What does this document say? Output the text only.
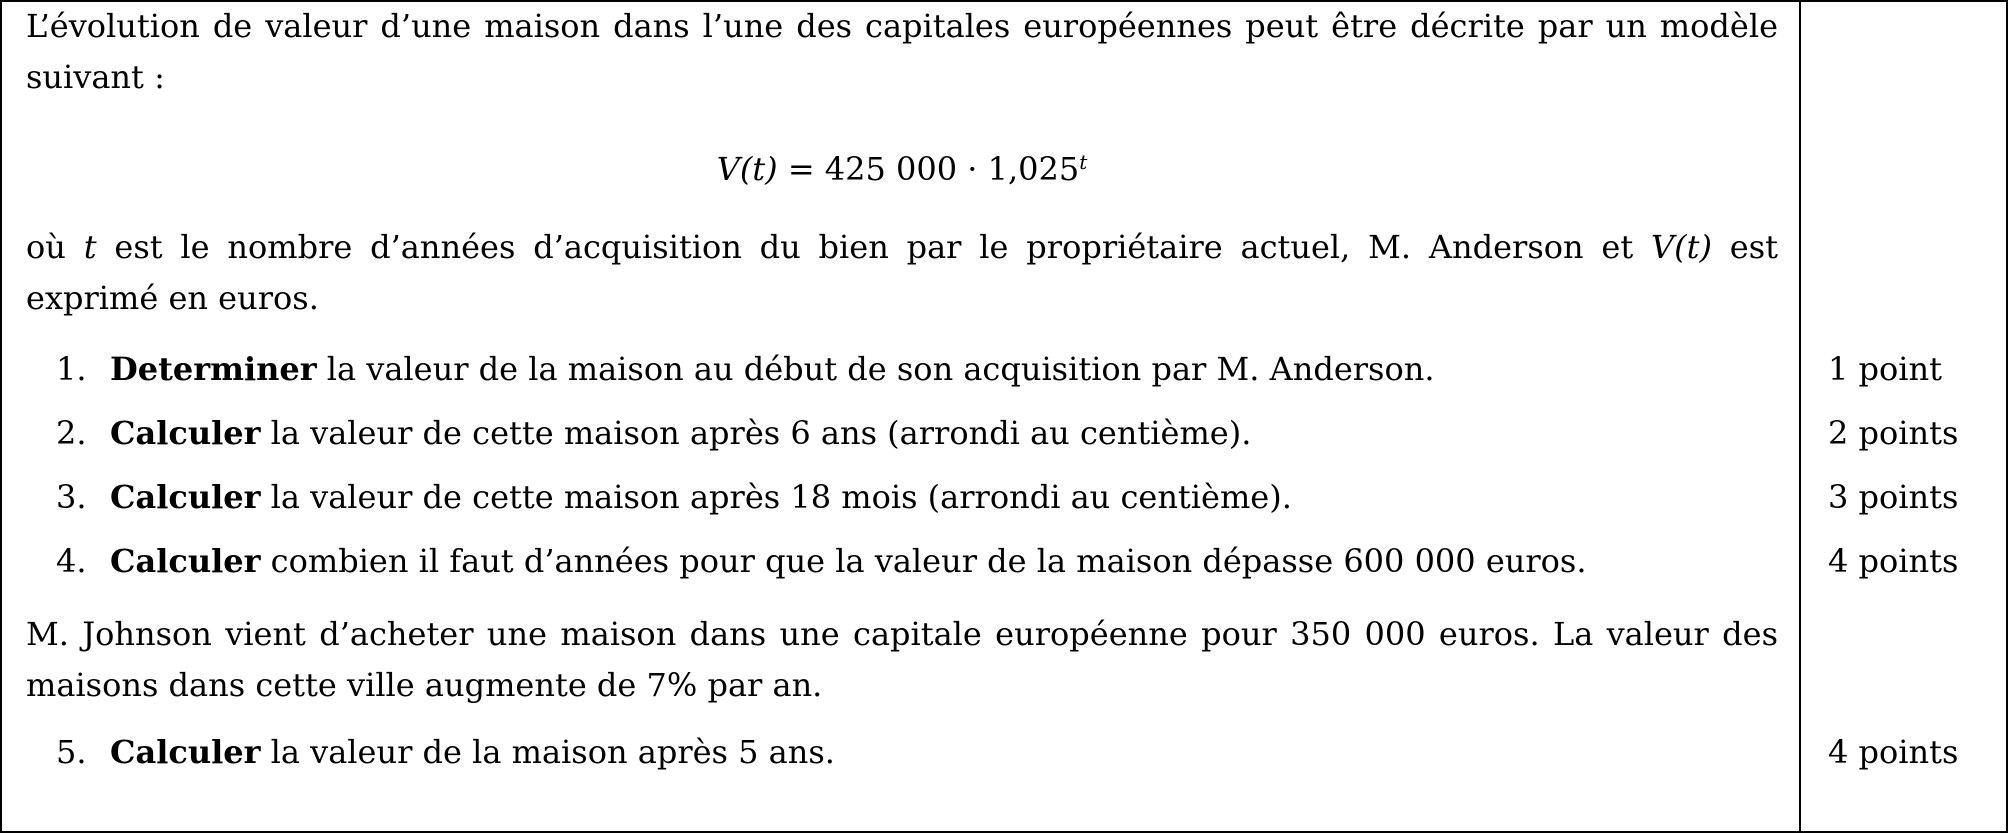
L’évolution de valeur d’une maison dans l’une des capitales européennes peut être décrite par un modèle suivant :

V(t) = 425 $000 \cdot 1,025^t$

où t est le nombre d’années d’acquisition du bien par le propriétaire actuel, M. Anderson et V(t) est exprimé en euros.

1. Determiner la valeur de la maison au début de son acquisition par M. Anderson.
2. Calculer la valeur de cette maison après 6 ans (arrondi au centième).
3. Calculer la valeur de cette maison après 18 mois (arrondi au centième).
4. Calculer combien il faut d’années pour que la valeur de la maison dépasse 600 000 euros.

M. Johnson vient d’acheter une maison dans une capitale européenne pour 350 000 euros. La valeur des maisons dans cette ville augmente de 7% par an.

5. Calculer la valeur de la maison après 5 ans.
1 point
2 points
3 points
4 points
4 points
